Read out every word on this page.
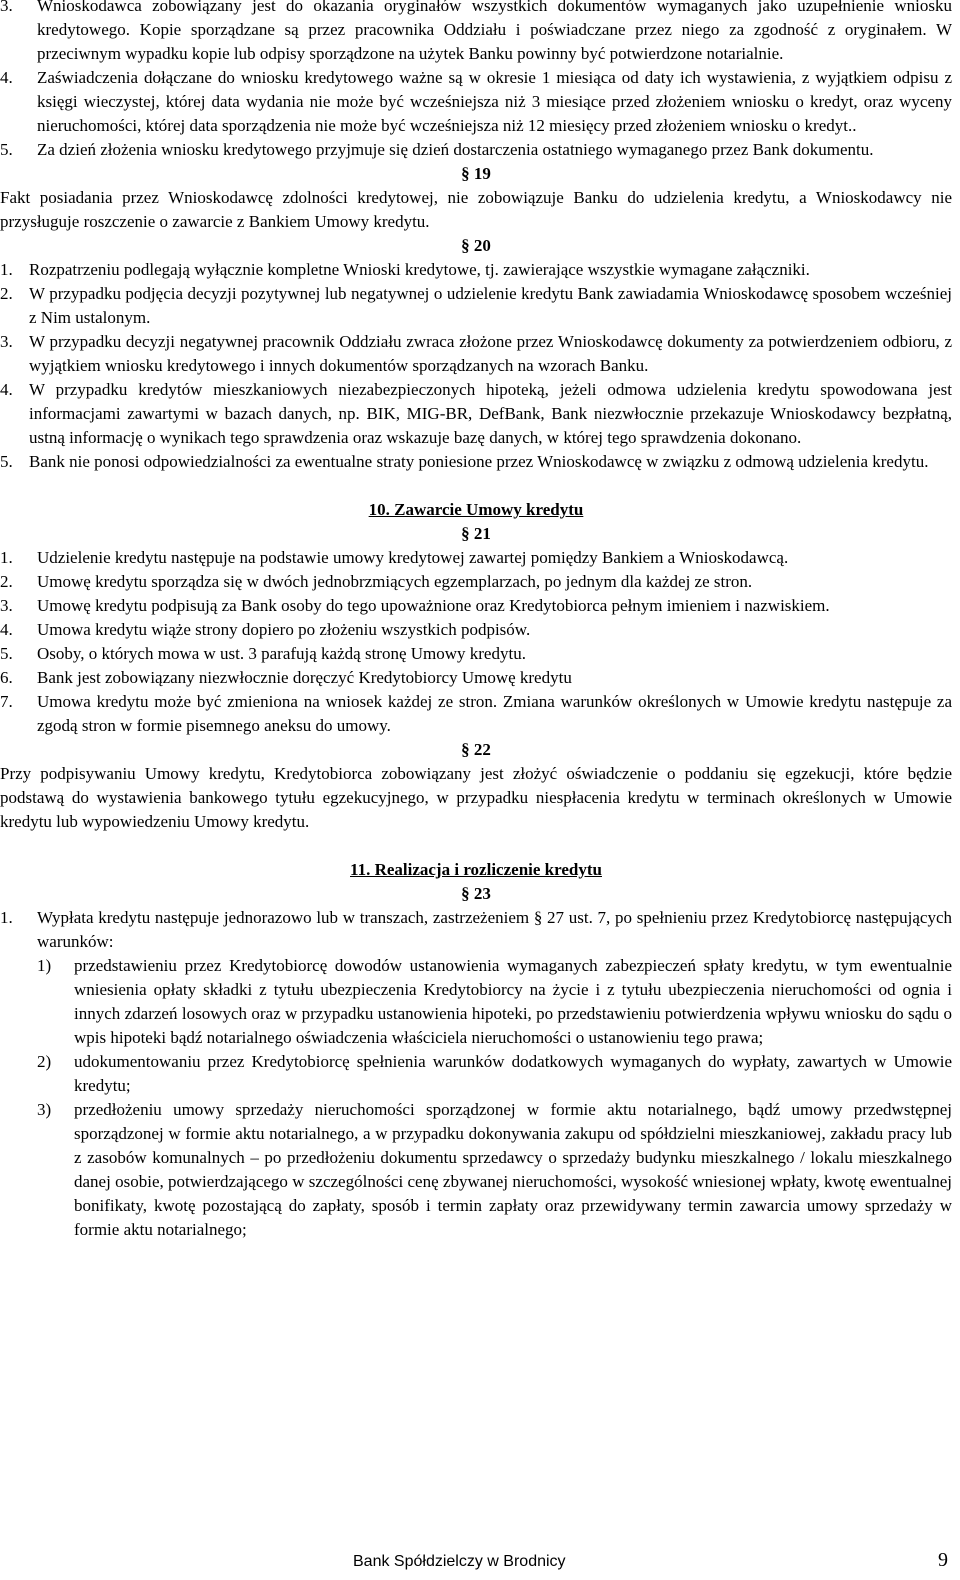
3. Wnioskodawca zobowiązany jest do okazania oryginałów wszystkich dokumentów wymaganych jako uzupełnienie wniosku kredytowego. Kopie sporządzane są przez pracownika Oddziału i poświadczane przez niego za zgodność z oryginałem. W przeciwnym wypadku kopie lub odpisy sporządzone na użytek Banku powinny być potwierdzone notarialnie.
4. Zaświadczenia dołączane do wniosku kredytowego ważne są w okresie 1 miesiąca od daty ich wystawienia, z wyjątkiem odpisu z księgi wieczystej, której data wydania nie może być wcześniejsza niż 3 miesiące przed złożeniem wniosku o kredyt, oraz wyceny nieruchomości, której data sporządzenia nie może być wcześniejsza niż 12 miesięcy przed złożeniem wniosku o kredyt..
5. Za dzień złożenia wniosku kredytowego przyjmuje się dzień dostarczenia ostatniego wymaganego przez Bank dokumentu.
§ 19
Fakt posiadania przez Wnioskodawcę zdolności kredytowej, nie zobowiązuje Banku do udzielenia kredytu, a Wnioskodawcy nie przysługuje roszczenie o zawarcie z Bankiem Umowy kredytu.
§ 20
1. Rozpatrzeniu podlegają wyłącznie kompletne Wnioski kredytowe, tj. zawierające wszystkie wymagane załączniki.
2. W przypadku podjęcia decyzji pozytywnej lub negatywnej o udzielenie kredytu Bank zawiadamia Wnioskodawcę sposobem wcześniej z Nim ustalonym.
3. W przypadku decyzji negatywnej pracownik Oddziału zwraca złożone przez Wnioskodawcę dokumenty za potwierdzeniem odbioru, z wyjątkiem wniosku kredytowego i innych dokumentów sporządzanych na wzorach Banku.
4. W przypadku kredytów mieszkaniowych niezabezpieczonych hipoteką, jeżeli odmowa udzielenia kredytu spowodowana jest informacjami zawartymi w bazach danych, np. BIK, MIG-BR, DefBank, Bank niezwłocznie przekazuje Wnioskodawcy bezpłatną, ustną informację o wynikach tego sprawdzenia oraz wskazuje bazę danych, w której tego sprawdzenia dokonano.
5. Bank nie ponosi odpowiedzialności za ewentualne straty poniesione przez Wnioskodawcę w związku z odmową udzielenia kredytu.
10. Zawarcie Umowy kredytu
§ 21
1. Udzielenie kredytu następuje na podstawie umowy kredytowej zawartej pomiędzy Bankiem a Wnioskodawcą.
2. Umowę kredytu sporządza się w dwóch jednobrzmiących egzemplarzach, po jednym dla każdej ze stron.
3. Umowę kredytu podpisują za Bank osoby do tego upoważnione oraz Kredytobiorca pełnym imieniem i nazwiskiem.
4. Umowa kredytu wiąże strony dopiero po złożeniu wszystkich podpisów.
5. Osoby, o których mowa w ust. 3 parafują każdą stronę Umowy kredytu.
6. Bank jest zobowiązany niezwłocznie doręczyć Kredytobiorcy Umowę kredytu
7. Umowa kredytu może być zmieniona na wniosek każdej ze stron. Zmiana warunków określonych w Umowie kredytu następuje za zgodą stron w formie pisemnego aneksu do umowy.
§ 22
Przy podpisywaniu Umowy kredytu, Kredytobiorca zobowiązany jest złożyć oświadczenie o poddaniu się egzekucji, które będzie podstawą do wystawienia bankowego tytułu egzekucyjnego, w przypadku niespłacenia kredytu w terminach określonych w Umowie kredytu lub wypowiedzeniu Umowy kredytu.
11. Realizacja i rozliczenie kredytu
§ 23
1. Wypłata kredytu następuje jednorazowo lub w transzach, zastrzeżeniem § 27 ust. 7, po spełnieniu przez Kredytobiorcę następujących warunków:
1) przedstawieniu przez Kredytobiorcę dowodów ustanowienia wymaganych zabezpieczeń spłaty kredytu, w tym ewentualnie wniesienia opłaty składki z tytułu ubezpieczenia Kredytobiorcy na życie i z tytułu ubezpieczenia nieruchomości od ognia i innych zdarzeń losowych oraz w przypadku ustanowienia hipoteki, po przedstawieniu potwierdzenia wpływu wniosku do sądu o wpis hipoteki bądź notarialnego oświadczenia właściciela nieruchomości o ustanowieniu tego prawa;
2) udokumentowaniu przez Kredytobiorcę spełnienia warunków dodatkowych wymaganych do wypłaty, zawartych w Umowie kredytu;
3) przedłożeniu umowy sprzedaży nieruchomości sporządzonej w formie aktu notarialnego, bądź umowy przedwstępnej sporządzonej w formie aktu notarialnego, a w przypadku dokonywania zakupu od spółdzielni mieszkaniowej, zakładu pracy lub z zasobów komunalnych – po przedłożeniu dokumentu sprzedawcy o sprzedaży budynku mieszkalnego / lokalu mieszkalnego danej osobie, potwierdzającego w szczególności cenę zbywanej nieruchomości, wysokość wniesionej wpłaty, kwotę ewentualnej bonifikaty, kwotę pozostającą do zapłaty, sposób i termin zapłaty oraz przewidywany termin zawarcia umowy sprzedaży w formie aktu notarialnego;
Bank Spółdzielczy w Brodnicy	9
